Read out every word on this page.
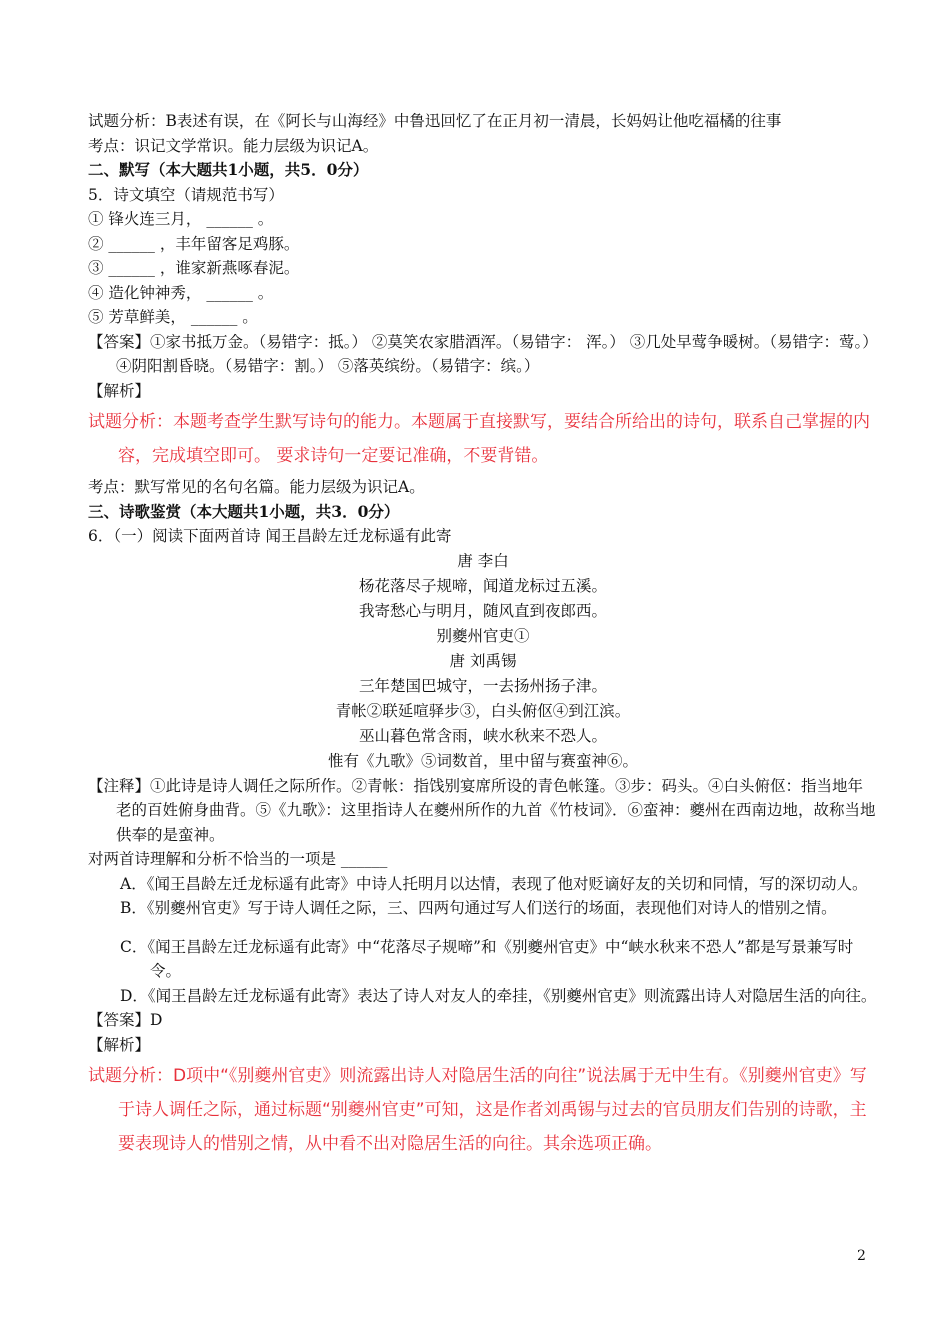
试题分析：B表述有误，在《阿长与山海经》中鲁迅回忆了在正月初一清晨，长妈妈让他吃福橘的往事
考点：识记文学常识。能力层级为识记A。
二、默写（本大题共1小题，共5．0分）
5．诗文填空（请规范书写）
① 锋火连三月， ______ 。
② ______ ，丰年留客足鸡豚。
③ ______ ，谁家新燕啄春泥。
④ 造化钟神秀， ______ 。
⑤ 芳草鲜美， ______ 。
【答案】①家书抵万金。（易错字：抵。） ②莫笑农家腊酒浑。（易错字： 浑。） ③几处早莺争暖树。（易错字：莺。） ④阴阳割昏晓。（易错字：割。） ⑤落英缤纷。（易错字：缤。）
【解析】
试题分析：本题考查学生默写诗句的能力。本题属于直接默写，要结合所给出的诗句，联系自己掌握的内容，完成填空即可。 要求诗句一定要记准确，不要背错。
考点：默写常见的名句名篇。能力层级为识记A。
三、诗歌鉴赏（本大题共1小题，共3．0分）
6．（一）阅读下面两首诗 闻王昌龄左迁龙标遥有此寄
唐 李白
杨花落尽子规啼，闻道龙标过五溪。
我寄愁心与明月，随风直到夜郎西。
别夔州官吏①
唐 刘禹锡
三年楚国巴城守，一去扬州扬子津。
青帐②联延喧驿步③，白头俯伛④到江滨。
巫山暮色常含雨，峡水秋来不恐人。
惟有《九歌》⑤词数首，里中留与赛蛮神⑥。
【注释】①此诗是诗人调任之际所作。②青帐：指饯别宴席所设的青色帐篷。③步：码头。④白头俯伛：指当地年老的百姓俯身曲背。⑤《九歌》：这里指诗人在夔州所作的九首《竹枝词》．⑥蛮神：夔州在西南边地，故称当地供奉的是蛮神。
对两首诗理解和分析不恰当的一项是 ______
A．《闻王昌龄左迁龙标遥有此寄》中诗人托明月以达情，表现了他对贬谪好友的关切和同情，写的深切动人。
B．《别夔州官吏》写于诗人调任之际，三、四两句通过写人们送行的场面，表现他们对诗人的惜别之情。
C．《闻王昌龄左迁龙标遥有此寄》中“花落尽子规啼”和《别夔州官吏》中“峡水秋来不恐人”都是写景兼写时令。
D．《闻王昌龄左迁龙标遥有此寄》表达了诗人对友人的牵挂，《别夔州官吏》则流露出诗人对隐居生活的向往。
【答案】D
【解析】
试题分析：D项中“《别夔州官吏》则流露出诗人对隐居生活的向往”说法属于无中生有。《别夔州官吏》写于诗人调任之际，通过标题“别夔州官吏”可知，这是作者刘禹锡与过去的官员朋友们告别的诗歌，主要表现诗人的惜别之情，从中看不出对隐居生活的向往。其余选项正确。
2
